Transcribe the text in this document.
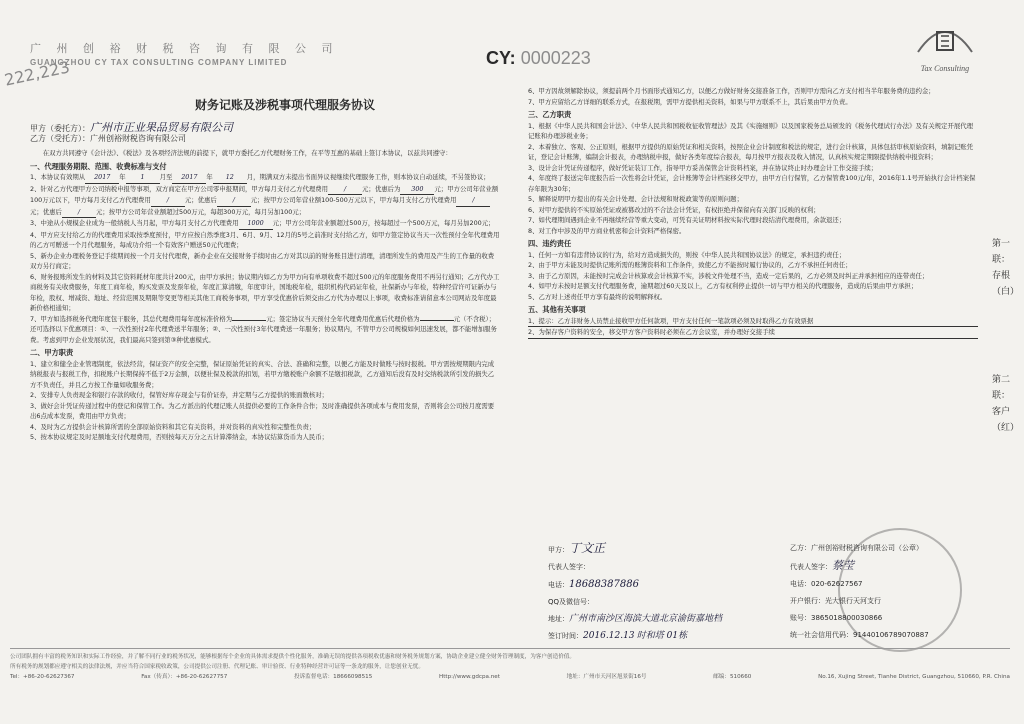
广 州 创 裕 财 税 咨 询 有 限 公 司
GUANGZHOU CY TAX CONSULTING COMPANY LIMITED
222,223	CY: 0000223
Tax Consulting
财务记账及涉税事项代理服务协议
甲方（委托方）：广州市正业果品贸易有限公司
乙方（受托方）：广州创裕财税咨询有限公司

在双方共同遵守《会计法》、《税法》及各项经济法规的前提下，就甲方委托乙方代理财务工作，在平等互惠的基础上签订本协议，以兹共同遵守：

一、代理服务期限、范围、收费标准与支付

1、本协议有效期从 2017 年 1 月至 2017 年 12 月，期满双方未提出书面异议视继续代理服务工作，则本协议自动延续，不另签协议；

2、针对乙方代理甲方公司纳税申报等事项，双方商定在甲方公司零申报期间，甲方每月支付乙方代理费用 / 元；优惠后为 300 元；甲方公司年营业额100万元以下，甲方每月支付乙方代理费用 / 元；优惠后 / 元；按甲方公司年营业额100-500万元以下，甲方每月支付乙方代理费用 /元；优惠后 / 元；按甲方公司年营业额超过500万元，每超300万元，每月另加100元；

3、中途从小规模企业成为一般纳税人当月起，甲方每月支付乙方代理费用 1000 元；甲方公司年营业额超过500万，按每超过一个500万元，每月另加200元；

4、甲方应支付给乙方的代理费用采取按季度预付，甲方应按自然季度3月、6月、9月、12月的5号之前准时支付给乙方，如甲方签定协议当天一次性预付全年代理费用的乙方可赠送一个月代理服务，每成功介绍一个有效客户赠送50元代理费；

5、新办企业办理税务登记手续期间按一个月支付代理费，新办企业在交接财务手续时由乙方对其以前的财务账目进行清理，清理所发生的费用及产生的工作量的收费双方另行商定；

6、财务报账所发生的材料及其它资料耗材年度共计200元，由甲方承担；协议期内如乙方为甲方向有单项收费不超过500元的年度服务费用不再另行通知；乙方代办工商税务有关收费服务，年度工商年检，购买发票及发票年检，年度汇算清缴，年度审计，国地税年检，组织机构代码证年检，社保新办与年检，特种经营许可证新办与年检，股权、增减资、地址、经营范围及期限等变更等相关其他工商税务事项，甲方享受优惠价后须交由乙方代为办理以上事项，收费标准请留意本公司网站及年度最新价格相通知；

7、甲方如选择税务代理年度包干服务，其总代理费用每年度标准价格为	元；签定协议当天预付全年代理费用优惠后代理价格为	元（不含税）；还可选择以下优惠项目：①、一次性预付2年代理费送半年服务；②、一次性预付3年代理费送一年服务；协议期内，不管甲方公司规模如何迅速发展，都不能增加服务费。考虑到甲方企业发展状况，我们最高只签到第③种优惠模式。

二、甲方职责

1、建立和健全企业管理制度，依法经营，保证资产的安全完整，保证原始凭证的真实、合法、准确和完整，以便乙方能及时做账与按时报税。甲方需按规期限内完成纳税报表与报税工作，扣税账户长期保持不低于2万金额，以便社保及税款的扣划，若甲方缴税账户余额不足缴扣税款，乙方通知后没有及时交纳税款所引发的损失乙方不负责任，并且乙方按工作量如收服务费；

2、安排专人负责现金和银行存款的收付，保管好库存现金与有价证券，并定期与乙方提供的账面数核对；

3、做好会计凭证传递过程中的登记和保管工作。为乙方派出的代理记账人员提供必要的工作条件合作；及时准确提供各项成本与费用发票，否则将会公司按月度需要出6点成本发票，费用由甲方负责；

4、及时为乙方提供会计核算所需的全部原始资料和其它有关资料，并对资料的真实性和完整性负责；

5、按本协议规定及时足额地支付代理费用，否则按每天万分之五计算滞纳金，本协议结算货币为人民币；

6、甲方因故须解除协议，须提前两个月书面形式通知乙方，以便乙方做好财务交接准备工作，否则甲方需向乙方支付相当半年服务费的违约金；

7、甲方应留给乙方详细的联系方式，在报税期，需甲方提供相关资料，如果与甲方联系不上，其后果由甲方负责。

三、乙方职责

1、根据《中华人民共和国会计法》、《中华人民共和国税收征收管理法》及其《实施细则》以及国家税务总局颁发的《税务代理试行办法》及有关规定开展代理记账和办理涉税业务；

2、本着独立、客观、公正原则，根据甲方提供的原始凭证和相关资料，按照企业会计制度和税法的规定，进行会计核算，具体包括审核原始资料，填制记账凭证，登记会计账簿，编制会计报表，办理纳税申报，做好各类年度综合报表，每月按甲方报表及收入情况，认真核实规定期限提供纳税申报资料；

3、设计会计凭证传递程序，做好凭证装订工作，指导甲方妥善保管会计资料档案，并在协议终止时办理会计工作交接手续；

4、年度终了报送完年度报告后一次性将会计凭证，会计账簿等会计档案移交甲方，由甲方自行保管，乙方保管费100元/年，2016年1.1号开始执行会计档案保存年限为30年；

5、解释说明甲方提出的有关会计处理、会计法规和财税政策等的原则问题；

6、对甲方提供的不实原始凭证或被篡改过的不合法会计凭证，有权拒绝并保留向有关部门反映的权利；

7、如代理期间遇到企业不再继续经营等重大变动，可凭有关证明材料按实际代理时段结清代理费用，余款退还；

8、对工作中涉及的甲方商业机密和会计资料严格保密。

四、违约责任

1、任何一方如有违背协议的行为，给对方造成损失的，则按《中华人民共和国协议法》的规定，承担违约责任；

2、由于甲方未能及时提供记账所需的账簿资料和工作条件，致使乙方不能按时履行协议的，乙方不承担任何责任；

3、由于乙方原因，未能按时完成会计核算或会计核算不实，涉税文件处理不当，造成一定后果的，乙方必须及时纠正并承担相应的连带责任；

4、如甲方未按时足额支付代理服务费，逾期超过60天及以上，乙方有权利停止提供一切与甲方相关的代理服务，造成的后果由甲方承担；

5、乙方对上述责任甲方享有最终的说明解释权。

五、其他有关事项

1、提示：乙方非财务人员禁止接收甲方任何款项，甲方支付任何一笔款项必须及时取得乙方有效票据

2、为保存客户资料的安全，移交甲方客户资料时必须在乙方会议室，并办理好交接手续

甲方：丁文正
代表人签字：
电话：18688387886
QQ及微信号：
地址：广州市南沙区海滨大道北京渝街嘉地档
签订时间：2016.12.13 时和塔 01栋
乙方：广州创裕财税咨询有限公司（公章）
代表人签字：蔡莹
电话：020-62627567
开户银行：光大银行天河支行
账号：3865018800030866
统一社会信用代码：91440106789070887
第一联：存根（白）
第二联：客户（红）
公司团队拥有丰富的税务知识和实际工作经验，并了解不同行业的税务状况，能够根据每个企业的具体需求提供个性化服务，准确无误的提供各项税收优惠和财务税务规划方案，协助企业建立健全财务管理制度，为客户创造价值。
所有税务的规划都应遵守相关的法律法规，并应当符合国家税收政策，公司提供公司注册、代理记账、审计验资、行业特种经营许可证等一条龙的服务，让您创业无忧。
Tel：+86-20-62627367	Fax（传真）：+86-20-62627757	投诉监督电话：18666098515	Http://www.gdcpa.net	地址：广州市天河区旭景街16号	邮编：510660	No.16, Xujing Street, Tianhe District, Guangzhou, 510660, P.R. China
